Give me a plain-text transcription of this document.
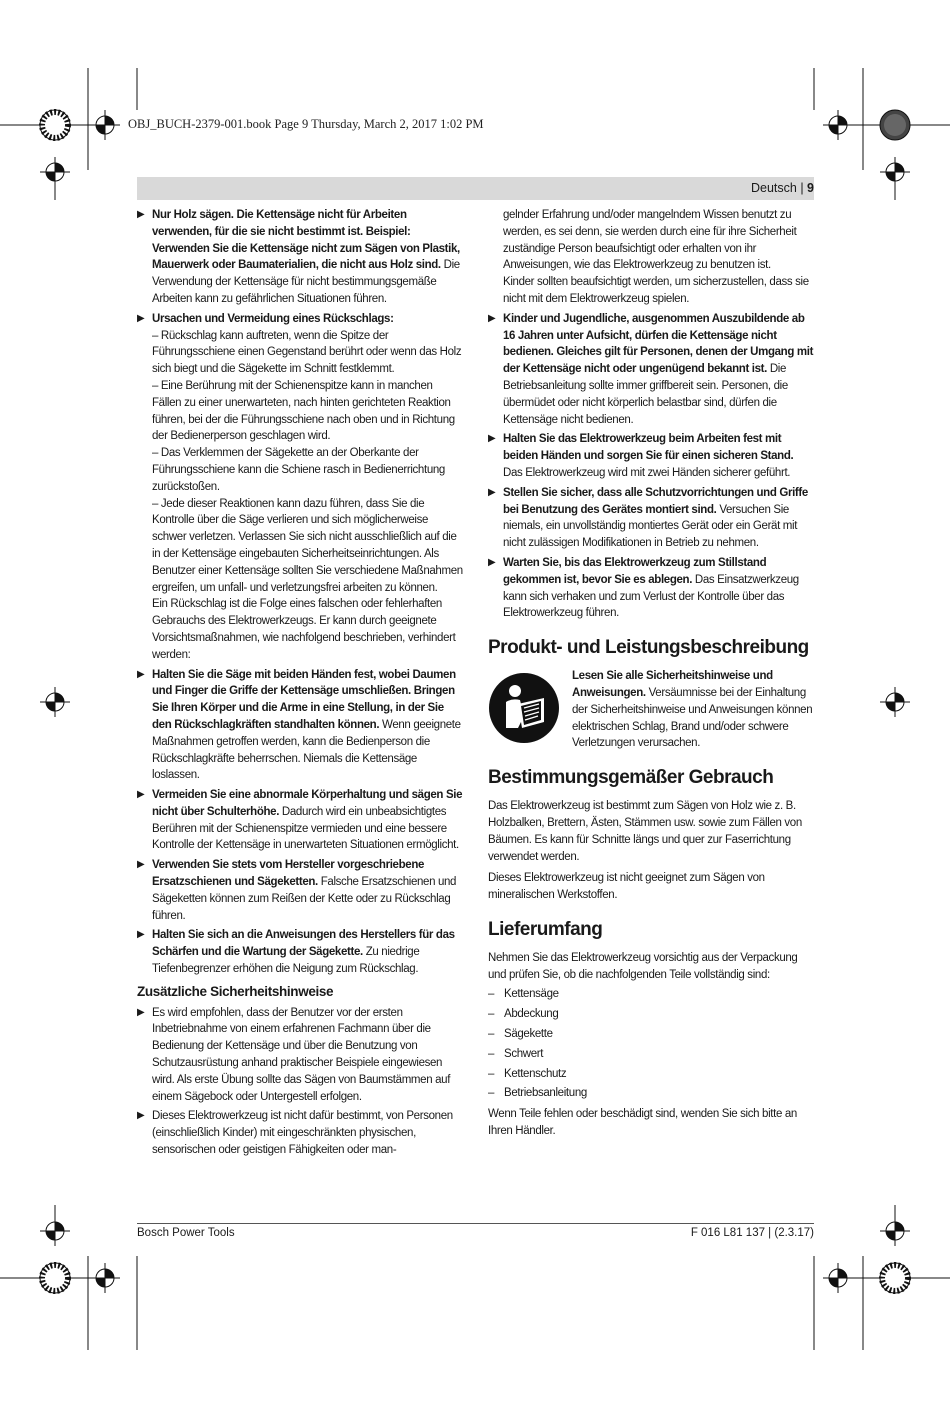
OBJ_BUCH-2379-001.book Page 9 Thursday, March 2, 2017 1:02 PM
Deutsch | 9
▶ Nur Holz sägen. Die Kettensäge nicht für Arbeiten verwenden, für die sie nicht bestimmt ist. Beispiel: Verwenden Sie die Kettensäge nicht zum Sägen von Plastik, Mauerwerk oder Baumaterialien, die nicht aus Holz sind. Die Verwendung der Kettensäge für nicht bestimmungsgemäße Arbeiten kann zu gefährlichen Situationen führen.
▶ Ursachen und Vermeidung eines Rückschlags:

– Rückschlag kann auftreten, wenn die Spitze der Führungsschiene einen Gegenstand berührt oder wenn das Holz sich biegt und die Sägekette im Schnitt festklemmt.

– Eine Berührung mit der Schienenspitze kann in manchen Fällen zu einer unerwarteten, nach hinten gerichteten Reaktion führen, bei der die Führungsschiene nach oben und in Richtung der Bedienerperson geschlagen wird.

– Das Verklemmen der Sägekette an der Oberkante der Führungsschiene kann die Schiene rasch in Bedienerrichtung zurückstoßen.

– Jede dieser Reaktionen kann dazu führen, dass Sie die Kontrolle über die Säge verlieren und sich möglicherweise schwer verletzen. Verlassen Sie sich nicht ausschließlich auf die in der Kettensäge eingebauten Sicherheitseinrichtungen. Als Benutzer einer Kettensäge sollten Sie verschiedene Maßnahmen ergreifen, um unfall- und verletzungsfrei arbeiten zu können.

Ein Rückschlag ist die Folge eines falschen oder fehlerhaften Gebrauchs des Elektrowerkzeugs. Er kann durch geeignete Vorsichtsmaßnahmen, wie nachfolgend beschrieben, verhindert werden:

▶ Halten Sie die Säge mit beiden Händen fest, wobei Daumen und Finger die Griffe der Kettensäge umschließen. Bringen Sie Ihren Körper und die Arme in eine Stellung, in der Sie den Rückschlagkräften standhalten können. Wenn geeignete Maßnahmen getroffen werden, kann die Bedienperson die Rückschlagkräfte beherrschen. Niemals die Kettensäge loslassen.
▶ Vermeiden Sie eine abnormale Körperhaltung und sägen Sie nicht über Schulterhöhe. Dadurch wird ein unbeabsichtigtes Berühren mit der Schienenspitze vermieden und eine bessere Kontrolle der Kettensäge in unerwarteten Situationen ermöglicht.
▶ Verwenden Sie stets vom Hersteller vorgeschriebene Ersatzschienen und Sägeketten. Falsche Ersatzschienen und Sägeketten können zum Reißen der Kette oder zu Rückschlag führen.
▶ Halten Sie sich an die Anweisungen des Herstellers für das Schärfen und die Wartung der Sägekette. Zu niedrige Tiefenbegrenzer erhöhen die Neigung zum Rückschlag.
Zusätzliche Sicherheitshinweise
▶ Es wird empfohlen, dass der Benutzer vor der ersten Inbetriebnahme von einem erfahrenen Fachmann über die Bedienung der Kettensäge und über die Benutzung von Schutzausrüstung anhand praktischer Beispiele eingewiesen wird. Als erste Übung sollte das Sägen von Baumstämmen auf einem Sägebock oder Untergestell erfolgen.
▶ Dieses Elektrowerkzeug ist nicht dafür bestimmt, von Personen (einschließlich Kinder) mit eingeschränkten physischen, sensorischen oder geistigen Fähigkeiten oder man-

gelnder Erfahrung und/oder mangelndem Wissen benutzt zu werden, es sei denn, sie werden durch eine für ihre Sicherheit zuständige Person beaufsichtigt oder erhalten von ihr Anweisungen, wie das Elektrowerkzeug zu benutzen ist.

Kinder sollten beaufsichtigt werden, um sicherzustellen, dass sie nicht mit dem Elektrowerkzeug spielen.

▶ Kinder und Jugendliche, ausgenommen Auszubildende ab 16 Jahren unter Aufsicht, dürfen die Kettensäge nicht bedienen. Gleiches gilt für Personen, denen der Umgang mit der Kettensäge nicht oder ungenügend bekannt ist. Die Betriebsanleitung sollte immer griffbereit sein. Personen, die übermüdet oder nicht körperlich belastbar sind, dürfen die Kettensäge nicht bedienen.
▶ Halten Sie das Elektrowerkzeug beim Arbeiten fest mit beiden Händen und sorgen Sie für einen sicheren Stand. Das Elektrowerkzeug wird mit zwei Händen sicherer geführt.
▶ Stellen Sie sicher, dass alle Schutzvorrichtungen und Griffe bei Benutzung des Gerätes montiert sind. Versuchen Sie niemals, ein unvollständig montiertes Gerät oder ein Gerät mit nicht zulässigen Modifikationen in Betrieb zu nehmen.
▶ Warten Sie, bis das Elektrowerkzeug zum Stillstand gekommen ist, bevor Sie es ablegen. Das Einsatzwerkzeug kann sich verhaken und zum Verlust der Kontrolle über das Elektrowerkzeug führen.
Produkt- und Leistungsbeschreibung
Lesen Sie alle Sicherheitshinweise und Anweisungen. Versäumnisse bei der Einhaltung der Sicherheitshinweise und Anweisungen können elektrischen Schlag, Brand und/oder schwere Verletzungen verursachen.
Bestimmungsgemäßer Gebrauch

Das Elektrowerkzeug ist bestimmt zum Sägen von Holz wie z. B. Holzbalken, Brettern, Ästen, Stämmen usw. sowie zum Fällen von Bäumen. Es kann für Schnitte längs und quer zur Faserrichtung verwendet werden.

Dieses Elektrowerkzeug ist nicht geeignet zum Sägen von mineralischen Werkstoffen.

Lieferumfang

Nehmen Sie das Elektrowerkzeug vorsichtig aus der Verpackung und prüfen Sie, ob die nachfolgenden Teile vollständig sind:

– Kettensäge
– Abdeckung
– Sägekette
– Schwert
– Kettenschutz
– Betriebsanleitung

Wenn Teile fehlen oder beschädigt sind, wenden Sie sich bitte an Ihren Händler.

Bosch Power Tools	F 016 L81 137 | (2.3.17)
